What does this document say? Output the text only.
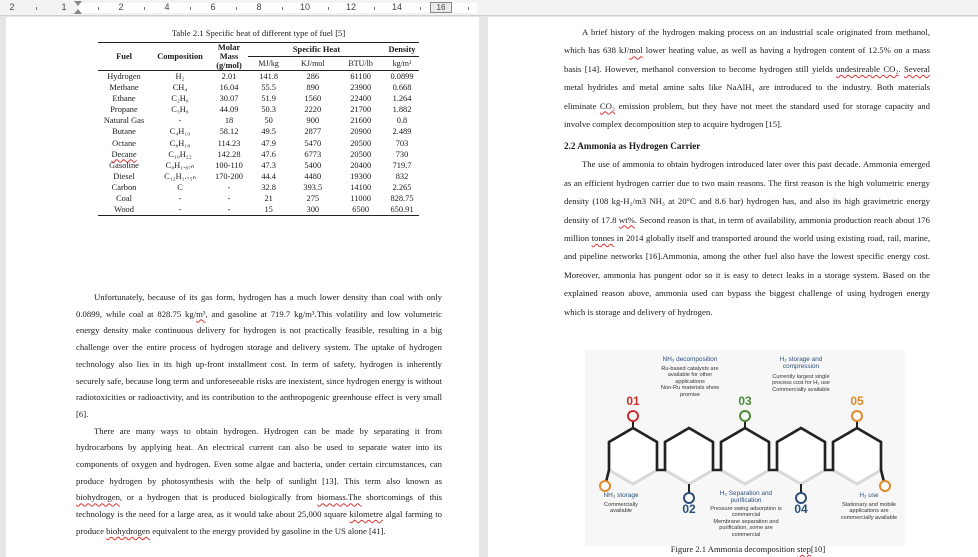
2	1	2	4	6	8	10	12	14	16
Table 2.1 Specific heat of different type of fuel [5]
Fuel	Composition	Molar Mass (g/mol)	Specific Heat			Density
			MJ/kg	KJ/mol	BTU/lb	kg/m³
Hydrogen	H₂	2.01	141.8	286	61100	0.0899
Methane	CH₄	16.04	55.5	890	23900	0.668
Ethane	C₂H₆	30.07	51.9	1560	22400	1.264
Propane	C₃H₈	44.09	50.3	2220	21700	1.882
Natural Gas	-	18	50	900	21600	0.8
Butane	C₄H₁₀	58.12	49.5	2877	20900	2.489
Octane	C₈H₁₈	114.23	47.9	5470	20500	703
Decane	C₁₀H₂₂	142.28	47.6	6773	20500	730
Gasoline	C₈H₁.₈₇ₙ	100-110	47.3	5400	20400	719.7
Diesel	C₁₂H₁.₇₅ₙ	170-200	44.4	4480	19300	832
Carbon	C	-	32.8	393.5	14100	2.265
Coal	-	-	21	275	11000	828.75
Wood	-	-	15	300	6500	650.91

Unfortunately, because of its gas form, hydrogen has a much lower density than coal with only 0.0899, while coal at 828.75 kg/m³, and gasoline at 719.7 kg/m³.This volatility and low volumetric energy density make continuous delivery for hydrogen is not practically feasible, resulting in a big challenge over the entire process of hydrogen storage and delivery system. The uptake of hydrogen technology also lies in its high up-front installment cost. In term of safety, hydrogen is inherently securely safe, because long term and unforeseeable risks are inexistent, since hydrogen energy is without radiotoxicities or radioactivity, and its contribution to the anthropogenic greenhouse effect is very small [6].

There are many ways to obtain hydrogen. Hydrogen can be made by separating it from hydrocarbons by applying heat. An electrical current can also be used to separate water into its components of oxygen and hydrogen. Even some algae and bacteria, under certain circumstances, can produce hydrogen by photosynthesis with the help of sunlight [13]. This term also known as biohydrogen, or a hydrogen that is produced biologically from biomass.The shortcomings of this technology is the need for a large area, as it would take about 25,000 square kilometre algal farming to produce biohydrogen equivalent to the energy provided by gasoline in the US alone [41].

A brief history of the hydrogen making process on an industrial scale originated from methanol, which has 638 kJ/mol lower heating value, as well as having a hydrogen content of 12.5% on a mass basis [14]. However, methanol conversion to become hydrogen still yields undesireable CO₂. Several metal hydrides and metal amine salts like NaAlH₄ are introduced to the industry. Both materials eliminate CO₂ emission problem, but they have not meet the standard used for storage capacity and involve complex decomposition step to acquire hydrogen [15].

2.2 Ammonia as Hydrogen Carrier

The use of ammonia to obtain hydrogen introduced later over this past decade. Ammonia emerged as an efficient hydrogen carrier due to two main reasons. The first reason is the high volumetric energy density (108 kg-H₂/m3 NH₃ at 20°C and 8.6 bar) hydrogen has, and also its high gravimetric energy density of 17.8 wt%. Second reason is that, in term of availability, ammonia production reach about 176 million tonnes in 2014 globally itself and transported around the world using existing road, rail, marine, and pipeline networks [16].Ammonia, among the other fuel also have the lowest specific energy cost. Moreover, ammonia has pungent odor so it is easy to detect leaks in a storage system. Based on the explained reason above, ammonia used can bypass the biggest challenge of using hydrogen energy which is storage and delivery of hydrogen.

01
02
03
04
05
NH₃ decomposition
Ru-based catalysts are available for other applications
Non-Ru materials show promise
H₂ storage and compression
Currently largest single process cost for H₂ use
Commercially available
NH₃ storage
Commercially available
H₂ Separation and purification
Pressure swing adsorption is commercial
Membrane separation and purification, some are commercial
H₂ use
Stationary and mobile applications are commercially available
Figure 2.1 Ammonia decomposition step[10]
